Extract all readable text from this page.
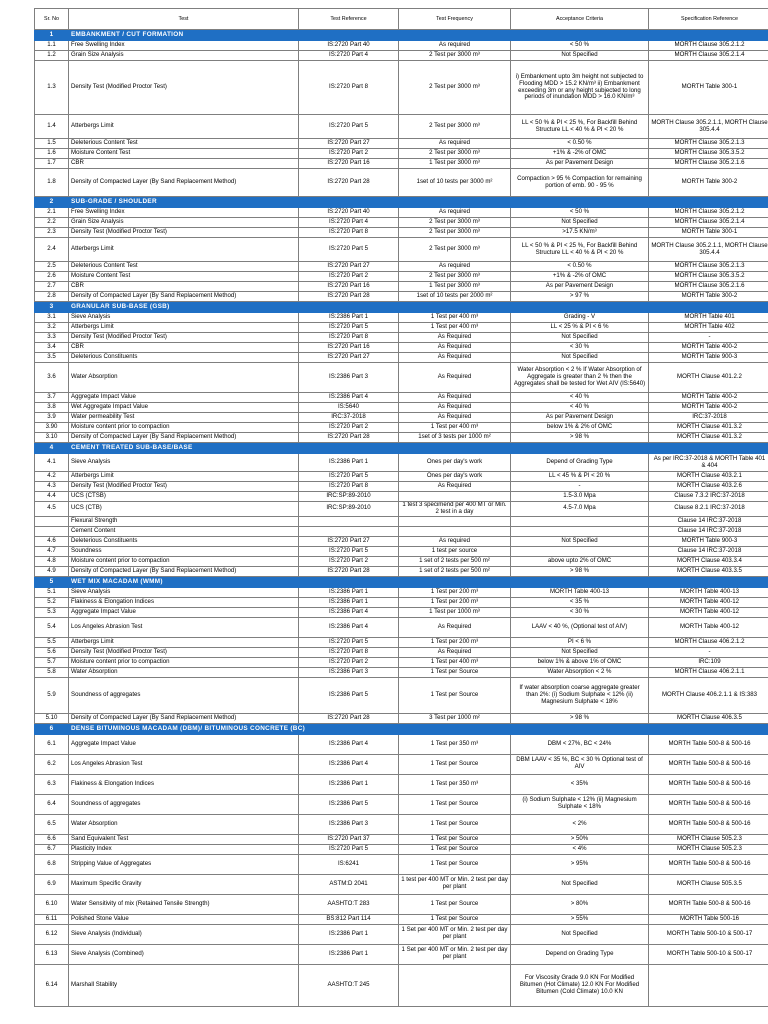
Sr. No	Test	Test Reference	Test Frequency	Acceptance Criteria	Specification Reference
1	EMBANKMENT / CUT FORMATION				
1.1	Free Swelling Index	IS:2720 Part 40	As required	< 50 %	MORTH Clause 305.2.1.2
1.2	Grain Size Analysis	IS:2720 Part 4	2 Test per 3000 m³	Not Specified	MORTH Clause 305.2.1.4
1.3	Density Test (Modified Proctor Test)	IS:2720 Part 8	2 Test per 3000 m³	i) Embankment upto 3m height not subjected to Flooding MDD > 15.2 KN/m³ ii) Embankment exceeding 3m or any height subjected to long periods of inundation MDD > 16.0 KN/m³	MORTH Table 300-1
1.4	Atterbergs Limit	IS:2720 Part 5	2 Test per 3000 m³	LL < 50 % & PI < 25 %, For Backfill Behind Structure LL < 40 % & PI < 20 %	MORTH Clause 305.2.1.1, MORTH Clause 305.4.4
1.5	Deleterious Content Test	IS:2720 Part 27	As required	< 0.50 %	MORTH Clause 305.2.1.3
1.6	Moisture Content Test	IS:2720 Part 2	2 Test per 3000 m³	+1% & -2% of OMC	MORTH Clause 305.3.5.2
1.7	CBR	IS:2720 Part 16	1 Test per 3000 m³	As per Pavement Design	MORTH Clause 305.2.1.6
1.8	Density of Compacted Layer (By Sand Replacement Method)	IS:2720 Part 28	1set of 10 tests per 3000 m²	Compaction > 95 % Compaction for remaining portion of emb. 90 - 95 %	MORTH Table 300-2
2	SUB-GRADE / SHOULDER				
2.1	Free Swelling Index	IS:2720 Part 40	As required	< 50 %	MORTH Clause 305.2.1.2
2.2	Grain Size Analysis	IS:2720 Part 4	2 Test per 3000 m³	Not Specified	MORTH Clause 305.2.1.4
2.3	Density Test (Modified Proctor Test)	IS:2720 Part 8	2 Test per 3000 m³	>17.5 KN/m³	MORTH Table 300-1
2.4	Atterbergs Limit	IS:2720 Part 5	2 Test per 3000 m³	LL < 50 % & PI < 25 %, For Backfill Behind Structure LL < 40 % & PI < 20 %	MORTH Clause 305.2.1.1, MORTH Clause 305.4.4
2.5	Deleterious Content Test	IS:2720 Part 27	As required	< 0.50 %	MORTH Clause 305.2.1.3
2.6	Moisture Content Test	IS:2720 Part 2	2 Test per 3000 m³	+1% & -2% of OMC	MORTH Clause 305.3.5.2
2.7	CBR	IS:2720 Part 16	1 Test per 3000 m³	As per Pavement Design	MORTH Clause 305.2.1.6
2.8	Density of Compacted Layer (By Sand Replacement Method)	IS:2720 Part 28	1set of 10 tests per 2000 m²	> 97 %	MORTH Table 300-2
3	GRANULAR SUB-BASE (GSB)				
3.1	Sieve Analysis	IS:2386 Part 1	1 Test per 400 m³	Grading - V	MORTH Table 401
3.2	Atterbergs Limit	IS:2720 Part 5	1 Test per 400 m³	LL < 25 % & PI < 6 %	MORTH Table 402
3.3	Density Test (Modified Proctor Test)	IS:2720 Part 8	As Required	Not Specified	-
3.4	CBR	IS:2720 Part 16	As Required	< 30 %	MORTH Table 400-2
3.5	Deleterious Constituents	IS:2720 Part 27	As Required	Not Specified	MORTH Table 900-3
3.6	Water Absorption	IS:2386 Part 3	As Required	Water Absorption < 2 % If Water Absorption of Aggregate is greater than 2 % then the Aggregates shall be tested for Wet AIV (IS:5640)	MORTH Clause 401.2.2
3.7	Aggregate Impact Value	IS:2386 Part 4	As Required	< 40 %	MORTH Table 400-2
3.8	Wet Aggregate Impact Value	IS:5640	As Required	< 40 %	MORTH Table 400-2
3.9	Water permeability Test	IRC:37-2018	As Required	As per Pavement Design	IRC:37-2018
3.90	Moisture content prior to compaction	IS:2720 Part 2	1 Test per 400 m³	below 1% & 2% of OMC	MORTH Clause 401.3.2
3.10	Density of Compacted Layer (By Sand Replacement Method)	IS:2720 Part 28	1set of 3 tests per 1000 m²	> 98 %	MORTH Clause 401.3.2
4	CEMENT TREATED SUB-BASE/BASE				
4.1	Sieve Analysis	IS:2386 Part 1	Ones per day's work	Depend of Grading Type	As per IRC:37-2018 & MORTH Table 401 & 404
4.2	Atterbergs Limit	IS:2720 Part 5	Ones per day's work	LL < 45 % & PI < 20 %	MORTH Clause 403.2.1
4.3	Density Test (Modified Proctor Test)	IS:2720 Part 8	As Required	-	MORTH Clause 403.2.6
4.4	UCS (CTSB)	IRC:SP:89-2010		1.5-3.0 Mpa	Clause 7.3.2 IRC:37-2018
4.5	UCS (CTB)	IRC:SP:89-2010	1 test 3 specimend per 400 MT or Min. 2 test in a day	4.5-7.0 Mpa	Clause 8.2.1 IRC:37-2018
	Flexural Strength				Clause 14 IRC:37-2018
	Cement Content				Clause 14 IRC:37-2018
4.6	Deleterious Constituents	IS:2720 Part 27	As required	Not Specified	MORTH Table 900-3
4.7	Soundness	IS:2720 Part 5	1 test per source		Clause 14 IRC:37-2018
4.8	Moisture content prior to compaction	IS:2720 Part 2	1 set of 2 tests per 500 m²	above upto 2% of OMC	MORTH Clause 403.3.4
4.9	Density of Compacted Layer (By Sand Replacement Method)	IS:2720 Part 28	1 set of 2 tests per 500 m²	> 98 %	MORTH Clause 403.3.5
5	WET MIX MACADAM (WMM)				
5.1	Sieve Analysis	IS:2386 Part 1	1 Test per 200 m³	MORTH Table 400-13	MORTH Table 400-13
5.2	Flakiness & Elongation Indices	IS:2386 Part 1	1 Test per 200 m³	< 35 %	MORTH Table 400-12
5.3	Aggregate Impact Value	IS:2386 Part 4	1 Test per 1000 m³	< 30 %	MORTH Table 400-12
5.4	Los Angeles Abrasion Test	IS:2386 Part 4	As Required	LAAV < 40 %, (Optional test of AIV)	MORTH Table 400-12
5.5	Atterbergs Limit	IS:2720 Part 5	1 Test per 200 m³	PI < 6 %	MORTH Clause 406.2.1.2
5.6	Density Test (Modified Proctor Test)	IS:2720 Part 8	As Required	Not Specified	-
5.7	Moisture content prior to compaction	IS:2720 Part 2	1 Test per 400 m³	below 1% & above 1% of OMC	IRC:109
5.8	Water Absorption	IS:2386 Part 3	1 Test per Source	Water Absorption < 2 %	MORTH Clause 406.2.1.1
5.9	Soundness of aggregates	IS:2386 Part 5	1 Test per Source	If water absorption coarse aggregate greater than 2%: (i) Sodium Sulphate < 12% (ii) Magnesium Sulphate < 18%	MORTH Clause 406.2.1.1 & IS:383
5.10	Density of Compacted Layer (By Sand Replacement Method)	IS:2720 Part 28	3 Test per 1000 m²	> 98 %	MORTH Clause 406.3.5
6	DENSE BITUMINOUS MACADAM (DBM)/ BITUMINOUS CONCRETE (BC)				
6.1	Aggregate Impact Value	IS:2386 Part 4	1 Test per 350 m³	DBM < 27%, BC < 24%	MORTH Table 500-8 & 500-16
6.2	Los Angeles Abrasion Test	IS:2386 Part 4	1 Test per Source	DBM LAAV < 35 %, BC < 30 % Optional test of AIV	MORTH Table 500-8 & 500-16
6.3	Flakiness & Elongation Indices	IS:2386 Part 1	1 Test per 350 m³	< 35%	MORTH Table 500-8 & 500-16
6.4	Soundness of aggregates	IS:2386 Part 5	1 Test per Source	(i) Sodium Sulphate < 12% (ii) Magnesium Sulphate < 18%	MORTH Table 500-8 & 500-16
6.5	Water Absorption	IS:2386 Part 3	1 Test per Source	< 2%	MORTH Table 500-8 & 500-16
6.6	Sand Equivalent Test	IS:2720 Part 37	1 Test per Source	> 50%	MORTH Clause 505.2.3
6.7	Plasticity Index	IS:2720 Part 5	1 Test per Source	< 4%	MORTH Clause 505.2.3
6.8	Stripping Value of Aggregates	IS:6241	1 Test per Source	> 95%	MORTH Table 500-8 & 500-16
6.9	Maximum Specific Gravity	ASTM:D 2041	1 test per 400 MT or Min. 2 test per day per plant	Not Specified	MORTH Clause 505.3.5
6.10	Water Sensitivity of mix (Retained Tensile Strength)	AASHTO:T 283	1 Test per Source	> 80%	MORTH Table 500-8 & 500-16
6.11	Polished Stone Value	BS:812 Part 114	1 Test per Source	> 55%	MORTH Table 500-16
6.12	Sieve Analysis (Individual)	IS:2386 Part 1	1 Set per 400 MT or Min. 2 test per day per plant	Not Specified	MORTH Table 500-10 & 500-17
6.13	Sieve Analysis (Combined)	IS:2386 Part 1	1 Set per 400 MT or Min. 2 test per day per plant	Depend on Grading Type	MORTH Table 500-10 & 500-17
6.14	Marshall Stability	AASHTO:T 245		For Viscosity Grade 9.0 KN For Modified Bitumen (Hot Climate) 12.0 KN For Modified Bitumen (Cold Climate) 10.0 KN	
